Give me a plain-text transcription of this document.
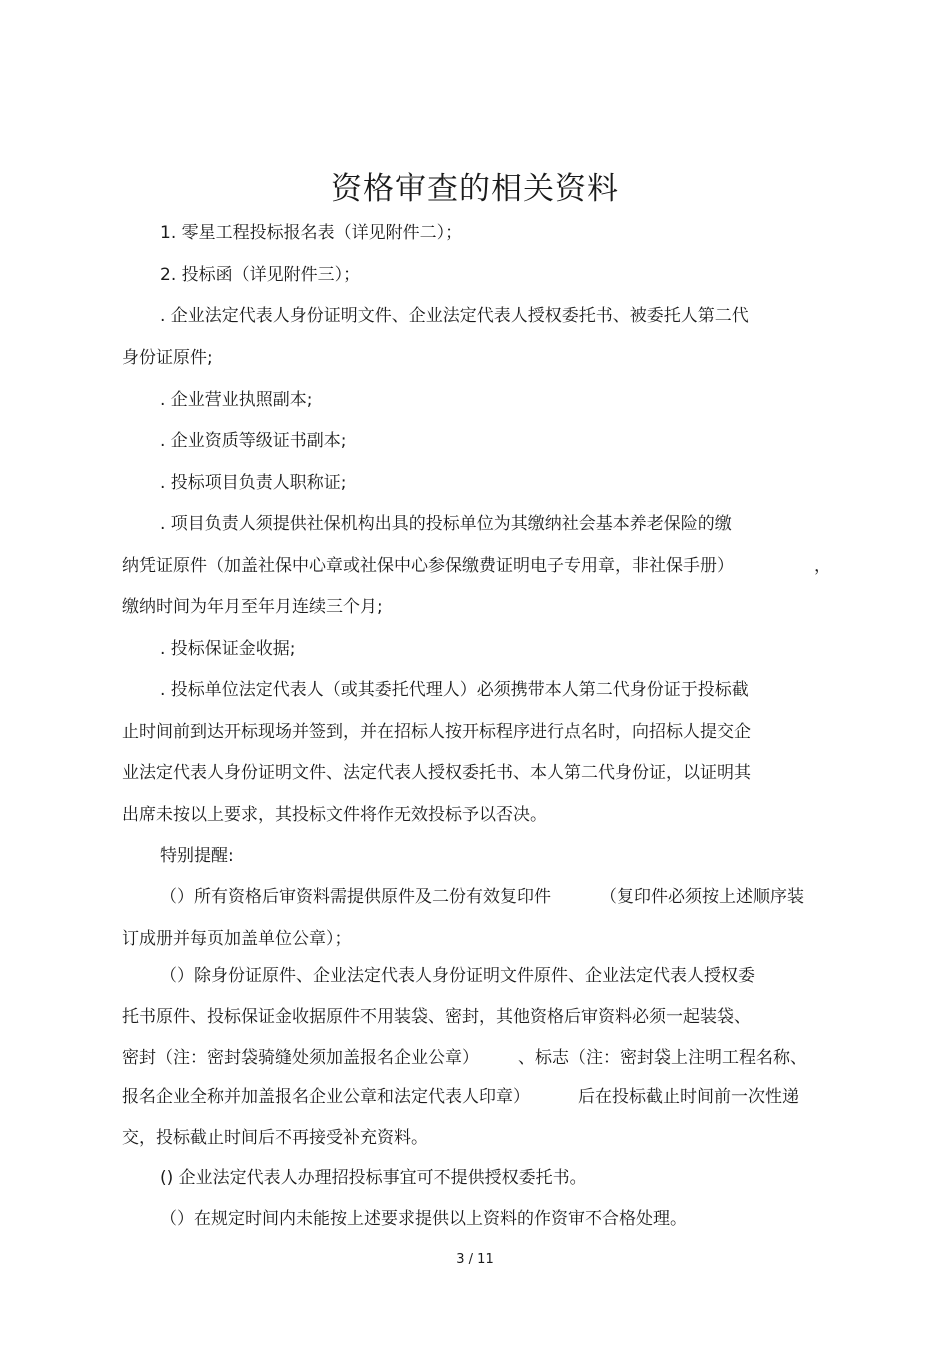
资格审查的相关资料
1. 零星工程投标报名表（详见附件二）；
2. 投标函（详见附件三）；
. 企业法定代表人身份证明文件、企业法定代表人授权委托书、被委托人第二代
身份证原件;
. 企业营业执照副本;
. 企业资质等级证书副本;
. 投标项目负责人职称证;
. 项目负责人须提供社保机构出具的投标单位为其缴纳社会基本养老保险的缴
纳凭证原件（加盖社保中心章或社保中心参保缴费证明电子专用章，非社保手册）	，
缴纳时间为年月至年月连续三个月;
. 投标保证金收据;
. 投标单位法定代表人（或其委托代理人）必须携带本人第二代身份证于投标截
止时间前到达开标现场并签到，并在招标人按开标程序进行点名时，向招标人提交企
业法定代表人身份证明文件、法定代表人授权委托书、本人第二代身份证，以证明其
出席未按以上要求，其投标文件将作无效投标予以否决。
特别提醒:
（）所有资格后审资料需提供原件及二份有效复印件	（复印件必须按上述顺序装
订成册并每页加盖单位公章）；
（）除身份证原件、企业法定代表人身份证明文件原件、企业法定代表人授权委
托书原件、投标保证金收据原件不用装袋、密封，其他资格后审资料必须一起装袋、
密封（注：密封袋骑缝处须加盖报名企业公章） 、标志（注：密封袋上注明工程名称、
报名企业全称并加盖报名企业公章和法定代表人印章）	后在投标截止时间前一次性递
交，投标截止时间后不再接受补充资料。
() 企业法定代表人办理招投标事宜可不提供授权委托书。
（）在规定时间内未能按上述要求提供以上资料的作资审不合格处理。
3 / 11
